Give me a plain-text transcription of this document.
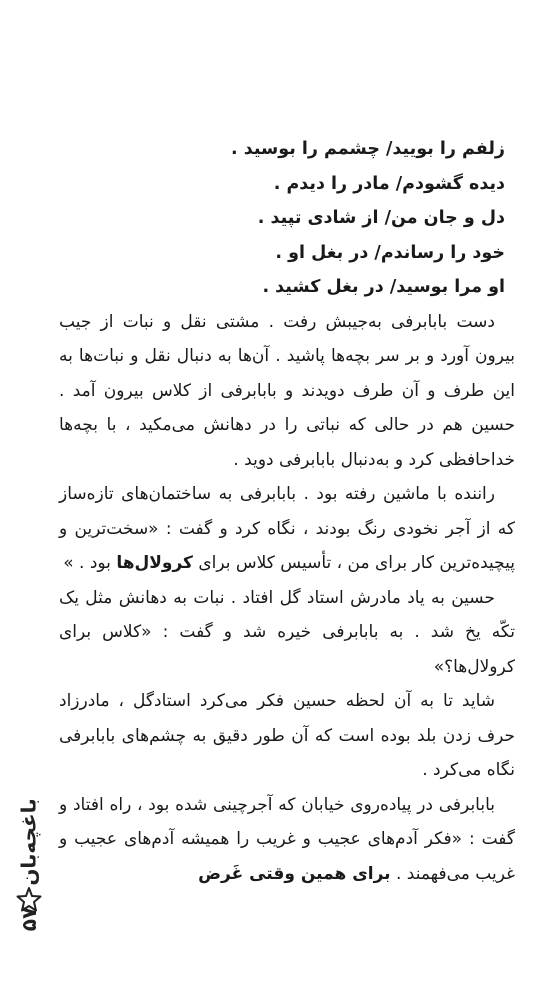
زلفم را بویید/ چشمم را بوسید .
دیده گشودم/ مادر را دیدم .
دل و جان من/ از شادی تپید .
خود را رساندم/ در بغل او .
او مرا بوسید/ در بغل کشید .

دست بابابرفی به‌جیبش رفت . مشتی نقل و نبات از جیب بیرون آورد و بر سر بچه‌ها پاشید . آن‌ها به دنبال نقل و نبات‌ها به این طرف و آن طرف دویدند و بابابرفی از کلاس بیرون آمد . حسین هم در حالی که نباتی را در دهانش می‌مکید ، با بچه‌ها خداحافظی کرد و به‌دنبال بابابرفی دوید .

راننده با ماشین رفته بود . بابابرفی به ساختمان‌های تازه‌ساز که از آجر نخودی رنگ بودند ، نگاه کرد و گفت : «سخت‌ترین و پیچیده‌ترین کار برای من ، تأسیس کلاس برای کرولال‌ها بود . »

حسین به یاد مادرش استاد گل افتاد . نبات به دهانش مثل یک تکّه یخ شد . به بابابرفی خیره شد و گفت : «کلاس برای کرولال‌ها؟»

شاید تا به آن لحظه حسین فکر می‌کرد استادگل ، مادرزاد حرف زدن بلد بوده است که آن طور دقیق به چشم‌های بابابرفی نگاه می‌کرد .

بابابرفی در پیاده‌روی خیابان که آجرچینی شده بود ، راه افتاد و گفت : «فکر آدم‌های عجیب و غریب را همیشه آدم‌های عجیب و غریب می‌فهمند . برای همین وقتی غَرض

باغچه‌بان
۵۷
